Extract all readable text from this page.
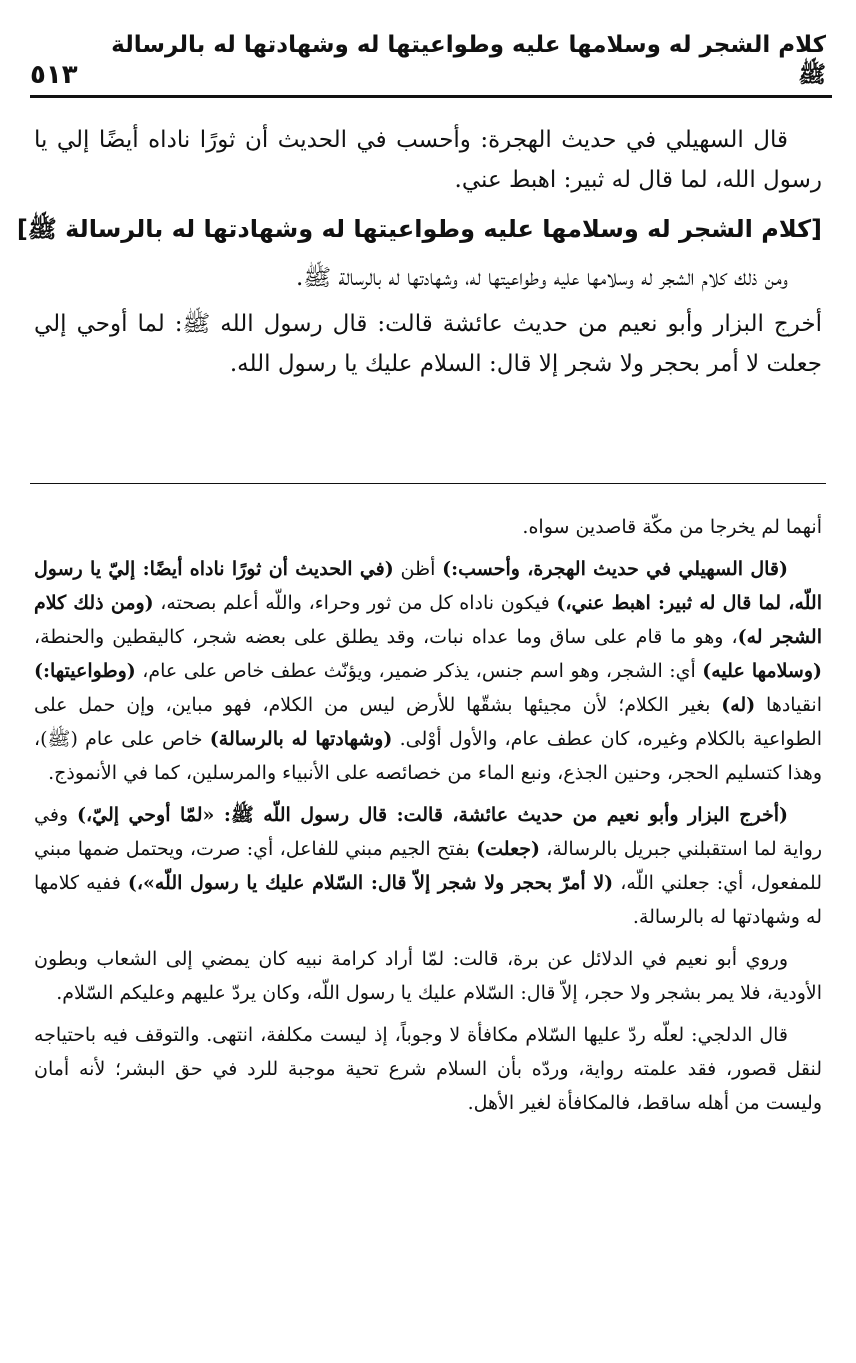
كلام الشجر له وسلامها عليه وطواعيتها له وشهادتها له بالرسالة ﷺ
٥١٣

قال السهيلي في حديث الهجرة: وأحسب في الحديث أن ثورًا ناداه أيضًا إلي يا رسول الله، لما قال له ثبير: اهبط عني.

[كلام الشجر له وسلامها عليه وطواعيتها له وشهادتها له بالرسالة ﷺ]

ومن ذلك كلام الشجر له وسلامها عليه وطواعيتها له، وشهادتها له بالرسالة ﷺ.

أخرج البزار وأبو نعيم من حديث عائشة قالت: قال رسول الله ﷺ: لما أوحي إلي جعلت لا أمر بحجر ولا شجر إلا قال: السلام عليك يا رسول الله.

أنهما لم يخرجا من مكّة قاصدين سواه.

(قال السهيلي في حديث الهجرة، وأحسب:) أظن (في الحديث أن ثورًا ناداه أيضًا: إليّ يا رسول اللّه، لما قال له ثبير: اهبط عني،) فيكون ناداه كل من ثور وحراء، واللّه أعلم بصحته، (ومن ذلك كلام الشجر له)، وهو ما قام على ساق وما عداه نبات، وقد يطلق على بعضه شجر، كاليقطين والحنطة، (وسلامها عليه) أي: الشجر، وهو اسم جنس، يذكر ضمير، ويؤنّث عطف خاص على عام، (وطواعيتها:) انقيادها (له) بغير الكلام؛ لأن مجيئها بشقّها للأرض ليس من الكلام، فهو مباين، وإن حمل على الطواعية بالكلام وغيره، كان عطف عام، والأول أوْلى. (وشهادتها له بالرسالة) خاص على عام (ﷺ)، وهذا كتسليم الحجر، وحنين الجذع، ونبع الماء من خصائصه على الأنبياء والمرسلين، كما في الأنموذج.

(أخرج البزار وأبو نعيم من حديث عائشة، قالت: قال رسول اللّه ﷺ: «لمّا أوحي إليّ،) وفي رواية لما استقبلني جبريل بالرسالة، (جعلت) بفتح الجيم مبني للفاعل، أي: صرت، ويحتمل ضمها مبني للمفعول، أي: جعلني اللّه، (لا أمرّ بحجر ولا شجر إلاّ قال: السّلام عليك يا رسول اللّه»،) ففيه كلامها له وشهادتها له بالرسالة.

وروي أبو نعيم في الدلائل عن برة، قالت: لمّا أراد كرامة نبيه كان يمضي إلى الشعاب وبطون الأودية، فلا يمر بشجر ولا حجر، إلاّ قال: السّلام عليك يا رسول اللّه، وكان يردّ عليهم وعليكم السّلام.

قال الدلجي: لعلّه ردّ عليها السّلام مكافأة لا وجوباً، إذ ليست مكلفة، انتهى. والتوقف فيه باحتياجه لنقل قصور، فقد علمته رواية، وردّه بأن السلام شرع تحية موجبة للرد في حق البشر؛ لأنه أمان وليست من أهله ساقط، فالمكافأة لغير الأهل.
